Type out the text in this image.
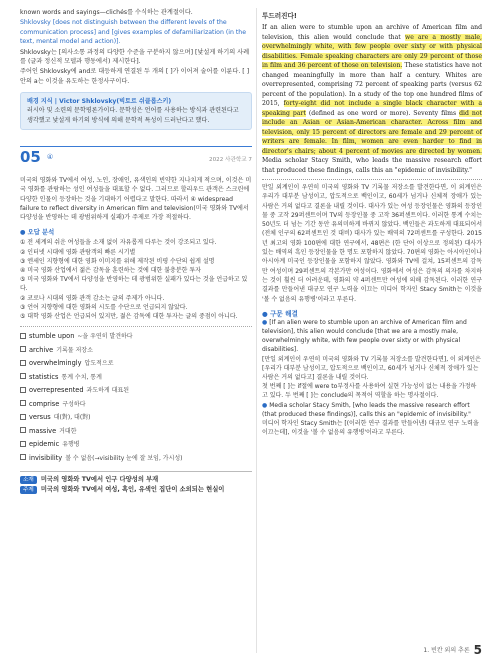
known words and sayings—clichés를 수식하는 관계절이다.

Shklovsky [does not distinguish between the different levels of the communication process] and [gives examples of defamiliarization (in the text, mental model and action)].

Shklovsky는 [의사소통 과정의 다양한 수준을 구분하지 않으며] [낯설게 하기의 사례를 (글과 정신적 모델과 행동에서) 제시한다].

주어인 Shklovsky에 and로 대등하게 연결된 두 개의 [ ]가 이어져 술어를 이룬다. [ ] 안의 a는 이것을 유도하는 한정사구이다.

배경 지식 | Victor Shklovsky(빅토르 쉬클롭스키)
러시아 및 소련의 문학평론가이다. 문학성은 언어를 사용하는 방식과 관련된다고 생각했고 낯설게 하기의 방식에 의해 문학적 특성이 드러난다고 했다.
05 ④	2022 사관학교 7
미국의 영화와 TV에서 여성, 노인, 장애인, 유색인의 빈약한 지나치게 적으며, 이것은 미국 영화를 관람하는 성인 여성들을 대표할 수 없다. 그러므로 할리우드 관객은 스크린에 다양한 인물이 등장하는 것을 기대하기 어렵다고 말한다. 따라서 ④ widespread failure to reflect diversity in American film and television(미국 영화와 TV에서 다양성을 반영하는 데 광범위하게 실패)가 주제로 가장 적절하다.
● 오답 분석
① 전 세계의 쉬운 여성들을 소재 없이 자유롭게 다루는 것이 강조되고 있다.
② 인터넷 시대에 영화 관람객의 빠른 시기별
③ 엔세인 지향형에 대한 영화 이미지를 위해 제작된 비평 수단의 쉽게 설명
④ 미국 영화 산업에서 젊은 감독을 훈련하는 것에 대한 불충분한 투자
⑤ 미국 영화와 TV에서 다양성을 반영하는 데 광범위한 실패가 있다는 것을 언급하고 있다.
② 코로나 시대의 영화 관객 감소는 글의 주제가 아니다.
③ 언어 지향형에 대한 영화의 시도를 수단으로 언급되지 않았다.
⑤ 대학 영화 산업은 언급되어 있지만, 젊은 감독에 대한 투자는 글의 중점이 아니다.
stumble upon ~을 우연히 발견하다
archive 기록물 저장소
overwhelmingly 압도적으로
statistics 통계 수치, 통계
overrepresented 과도하게 대표된
comprise 구성하다
versus 대(對), 대(對)
massive 거대한
epidemic 유행병
invisibility 볼 수 없음(→visibility 눈에 잘 보임, 가시성)
소재 미국의 영화와 TV에서 인구 다양성의 부재
주제 미국의 영화와 TV에서 여성, 흑인, 유색인 집단이 소외되는 현실이
투드러진다!
If an alien were to stumble upon an archive of American film and television, this alien would conclude that we are a mostly male, overwhelmingly white, with few people over sixty or with physical disabilities. Female speaking characters are only 29 percent of those in film and 36 percent of those on television. These statistics have not changed meaningfully in more than half a century. Whites are overrepresented, comprising 72 percent of speaking parts (versus 62 percent of the population). In a study of the top one hundred films of 2015, forty-eight did not include a single black character with a speaking part (defined as one word or more). Seventy films did not include an Asian or Asian-American character. Across film and television, only 15 percent of directors are female and 29 percent of writers are female. In film, women are even harder to find in director's chairs; about 4 percent of movies are directed by women. Media scholar Stacy Smith, who leads the massive research effort that produced these findings, calls this an "epidemic of invisibility."
만일 외계인이 우연히 미국의 영화와 TV 기록물 저장소를 발견한다면, 이 외계인은 우리가 대부분 남성이고, 압도적으로 백인이고, 60세가 넘거나 신체적 장애가 있는 사람은 거의 없다고 결론을 내릴 것이다. 대사가 있는 여성 등장인물은 영화의 등장인물 중 고작 29퍼센트이며 TV의 등장인물 중 고작 36퍼센트이다. 이러한 통계 수치는 50년도 더 넘는 기간 동안 유의미하게 바뀌지 않았다. 백인들은 과도하게 대표되어서 (전체 인구의 62퍼센트인 것 대비) 대사가 있는 배역의 72퍼센트를 구성한다. 2015년 최고의 영화 100편에 대한 연구에서, 48편은 (한 단어 이상으로 정의된) 대사가 있는 배역의 흑인 등장인물을 한 명도 포함하지 않았다. 70편의 영화는 아시아인이나 아시아계 미국인 등장인물을 포함하지 않았다. 영화와 TV에 걸쳐, 15퍼센트의 감독만 여성이며 29퍼센트의 각본가만 여성이다. 영화에서 여성은 감독의 의자를 차지하는 것이 훨씬 더 어려운데, 영화의 약 4퍼센트만 여성에 의해 감독된다. 이러한 연구 결과를 만들어낸 대규모 연구 노력을 이끄는 미디어 학자인 Stacy Smith는 이것을 '볼 수 없음의 유행병'이라고 부른다.
● 구문 해결
● [If an alien were to stumble upon an archive of American film and television], this alien would conclude [that we are a mostly male, overwhelmingly white, with few people over sixty or with physical disabilities].
[만일 외계인이 우연히 미국의 영화와 TV 기록물 저장소를 발견한다면], 이 외계인은 [우리가 대부분 남성이고, 압도적으로 백인이고, 60세가 넘거나 신체적 장애가 있는 사람은 거의 없다고] 결론을 내릴 것이다.
첫 번째 [ ]는 if절에 were to부정사를 사용하여 실현 가능성이 없는 내용을 가정하고 있다. 두 번째 [ ]는 conclude의 목적어 역할을 하는 명사절이다.
● Media scholar Stacy Smith, [who leads the massive research effort (that produced these findings)], calls this an "epidemic of invisibility."
미디어 학자인 Stacy Smith는 [(이러한 연구 결과를 만들어낸) 대규모 연구 노력을 이끄는데], 이것을 '볼 수 없음의 유행병'이라고 부른다.
1. 빈칸 외의 추론 5
